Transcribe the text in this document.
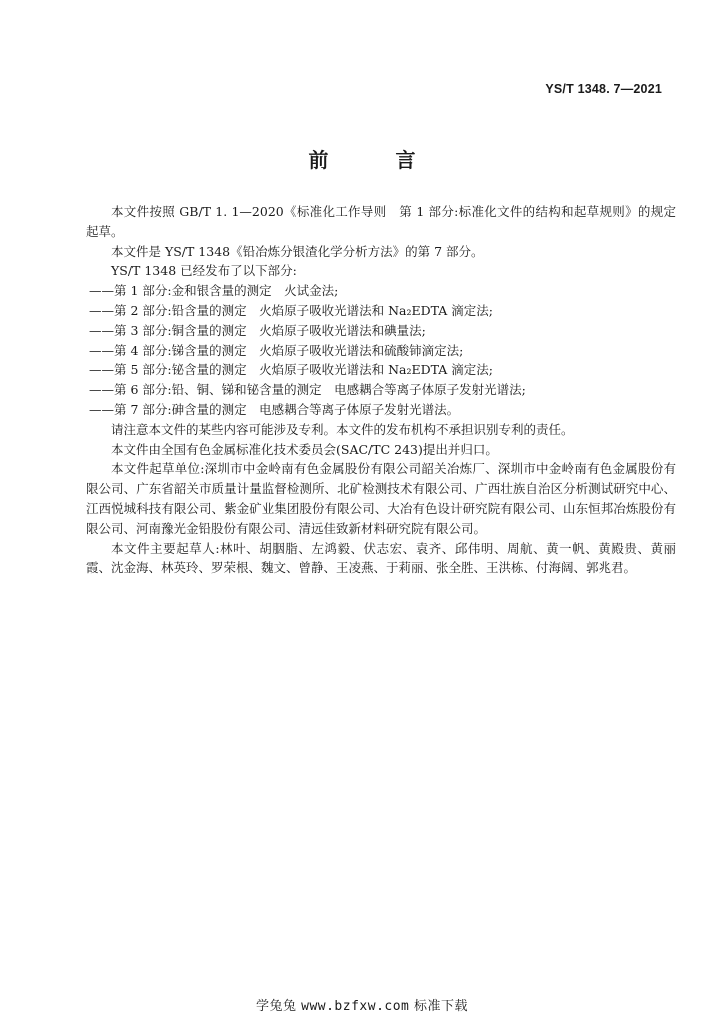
YS/T 1348. 7—2021
前 言

本文件按照 GB/T 1. 1—2020《标准化工作导则　第 1 部分:标准化文件的结构和起草规则》的规定起草。

本文件是 YS/T 1348《铅冶炼分银渣化学分析方法》的第 7 部分。

YS/T 1348 已经发布了以下部分:

——第 1 部分:金和银含量的测定　火试金法;

——第 2 部分:铅含量的测定　火焰原子吸收光谱法和 Na₂EDTA 滴定法;

——第 3 部分:铜含量的测定　火焰原子吸收光谱法和碘量法;

——第 4 部分:锑含量的测定　火焰原子吸收光谱法和硫酸铈滴定法;

——第 5 部分:铋含量的测定　火焰原子吸收光谱法和 Na₂EDTA 滴定法;

——第 6 部分:铅、铜、锑和铋含量的测定　电感耦合等离子体原子发射光谱法;

——第 7 部分:砷含量的测定　电感耦合等离子体原子发射光谱法。

请注意本文件的某些内容可能涉及专利。本文件的发布机构不承担识别专利的责任。

本文件由全国有色金属标准化技术委员会(SAC/TC 243)提出并归口。

本文件起草单位:深圳市中金岭南有色金属股份有限公司韶关冶炼厂、深圳市中金岭南有色金属股份有限公司、广东省韶关市质量计量监督检测所、北矿检测技术有限公司、广西壮族自治区分析测试研究中心、江西悦城科技有限公司、紫金矿业集团股份有限公司、大冶有色设计研究院有限公司、山东恒邦冶炼股份有限公司、河南豫光金铅股份有限公司、清远佳致新材料研究院有限公司。

本文件主要起草人:林叶、胡胭脂、左鸿毅、伏志宏、袁齐、邱伟明、周航、黄一帆、黄殿贵、黄丽霞、沈金海、林英玲、罗荣根、魏文、曾静、王凌燕、于莉丽、张全胜、王洪栋、付海阔、郭兆君。

学兔兔 www.bzfxw.com 标准下载
